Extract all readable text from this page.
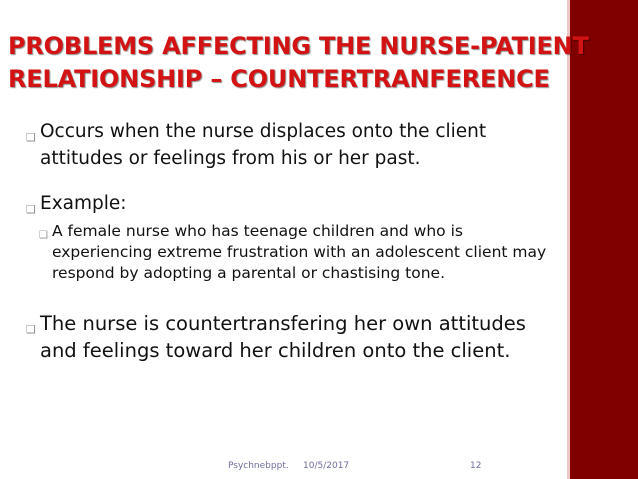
PROBLEMS AFFECTING THE NURSE-PATIENT
RELATIONSHIP – COUNTERTRANFERENCE
❑ Occurs when the nurse displaces onto the client attitudes or feelings from his or her past.
❑ Example:
❑ A female nurse who has teenage children and who is experiencing extreme frustration with an adolescent client may respond by adopting a parental or chastising tone.
❑ The nurse is countertransfering her own attitudes and feelings toward her children onto the client.
Psychnebppt. 10/5/2017	12
